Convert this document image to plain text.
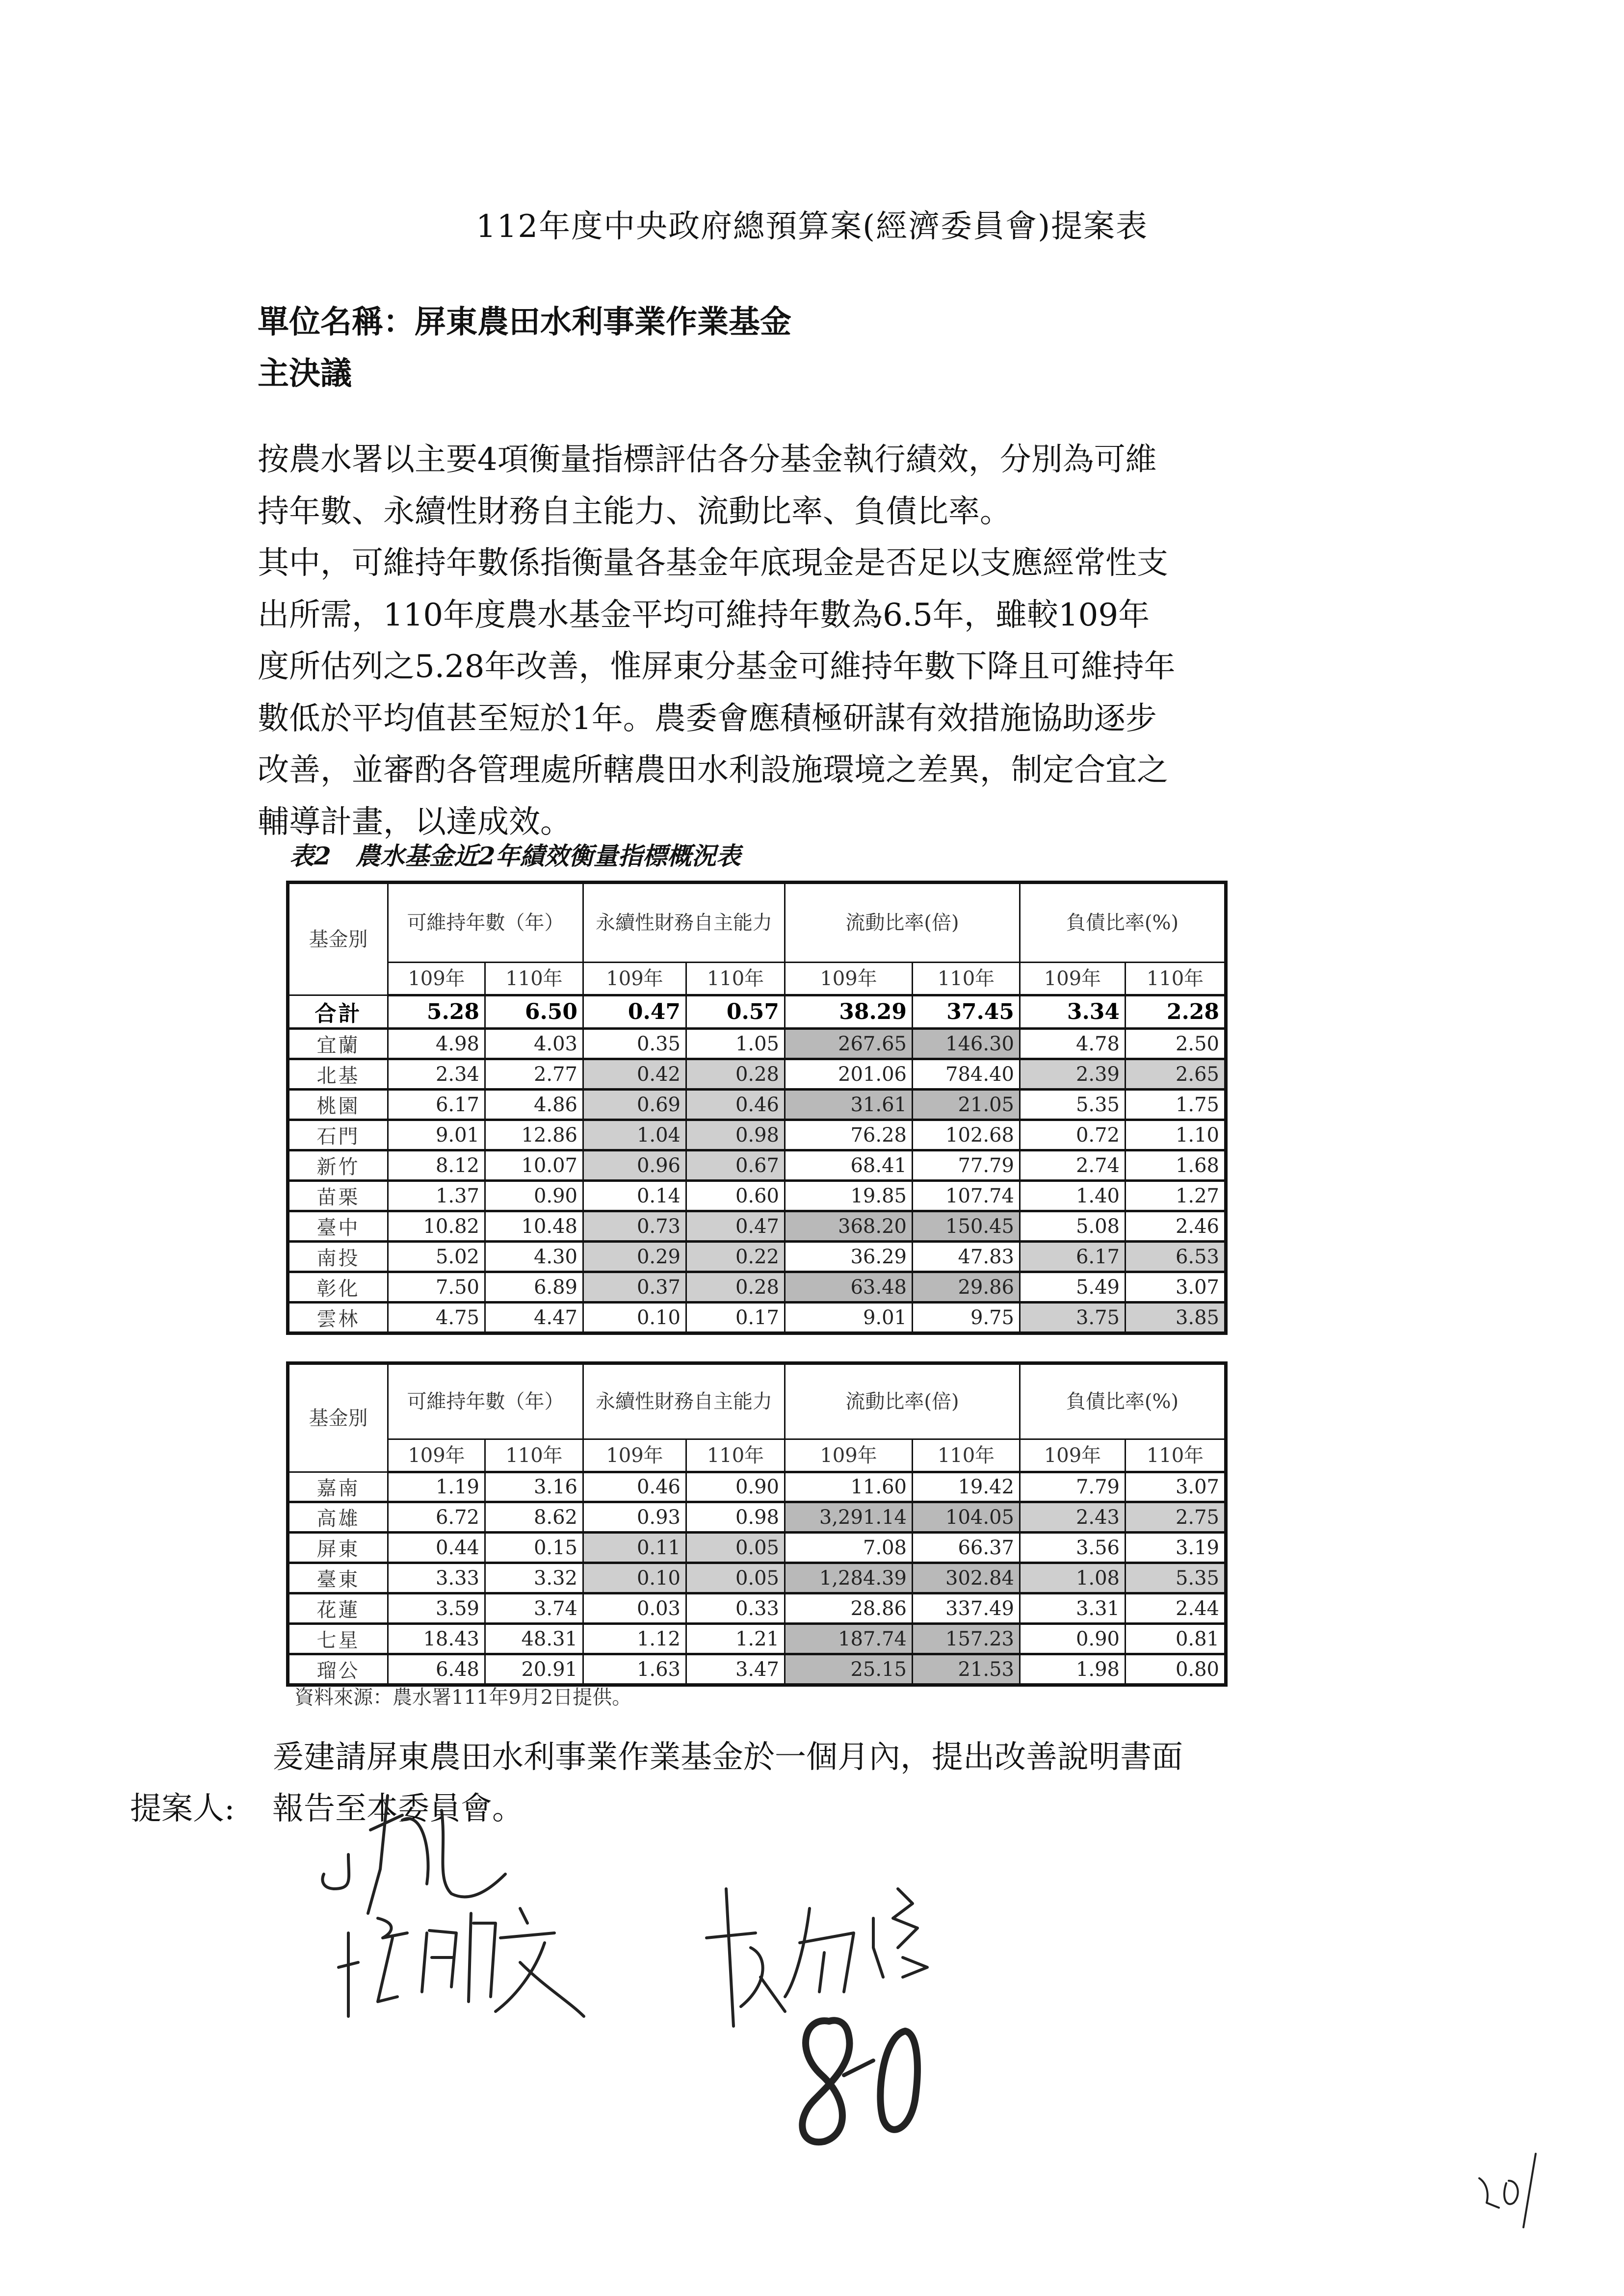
112年度中央政府總預算案(經濟委員會)提案表
單位名稱：屏東農田水利事業作業基金
主決議
按農水署以主要4項衡量指標評估各分基金執行績效，分別為可維
持年數、永續性財務自主能力、流動比率、負債比率。
其中，可維持年數係指衡量各基金年底現金是否足以支應經常性支
出所需，110年度農水基金平均可維持年數為6.5年，雖較109年
度所估列之5.28年改善，惟屏東分基金可維持年數下降且可維持年
數低於平均值甚至短於1年。農委會應積極研謀有效措施協助逐步
改善，並審酌各管理處所轄農田水利設施環境之差異，制定合宜之
輔導計畫，以達成效。
表2　農水基金近2年績效衡量指標概況表
基金別	可維持年數（年）		永續性財務自主能力		流動比率(倍)		負債比率(%)	
	109年	110年	109年	110年	109年	110年	109年	110年
合計	5.28	6.50	0.47	0.57	38.29	37.45	3.34	2.28
宜蘭	4.98	4.03	0.35	1.05	267.65	146.30	4.78	2.50
北基	2.34	2.77	0.42	0.28	201.06	784.40	2.39	2.65
桃園	6.17	4.86	0.69	0.46	31.61	21.05	5.35	1.75
石門	9.01	12.86	1.04	0.98	76.28	102.68	0.72	1.10
新竹	8.12	10.07	0.96	0.67	68.41	77.79	2.74	1.68
苗栗	1.37	0.90	0.14	0.60	19.85	107.74	1.40	1.27
臺中	10.82	10.48	0.73	0.47	368.20	150.45	5.08	2.46
南投	5.02	4.30	0.29	0.22	36.29	47.83	6.17	6.53
彰化	7.50	6.89	0.37	0.28	63.48	29.86	5.49	3.07
雲林	4.75	4.47	0.10	0.17	9.01	9.75	3.75	3.85
基金別	可維持年數（年）		永續性財務自主能力		流動比率(倍)		負債比率(%)	
	109年	110年	109年	110年	109年	110年	109年	110年
嘉南	1.19	3.16	0.46	0.90	11.60	19.42	7.79	3.07
高雄	6.72	8.62	0.93	0.98	3,291.14	104.05	2.43	2.75
屏東	0.44	0.15	0.11	0.05	7.08	66.37	3.56	3.19
臺東	3.33	3.32	0.10	0.05	1,284.39	302.84	1.08	5.35
花蓮	3.59	3.74	0.03	0.33	28.86	337.49	3.31	2.44
七星	18.43	48.31	1.12	1.21	187.74	157.23	0.90	0.81
瑠公	6.48	20.91	1.63	3.47	25.15	21.53	1.98	0.80
資料來源：農水署111年9月2日提供。
爰建請屏東農田水利事業作業基金於一個月內，提出改善說明書面
報告至本委員會。
提案人:
